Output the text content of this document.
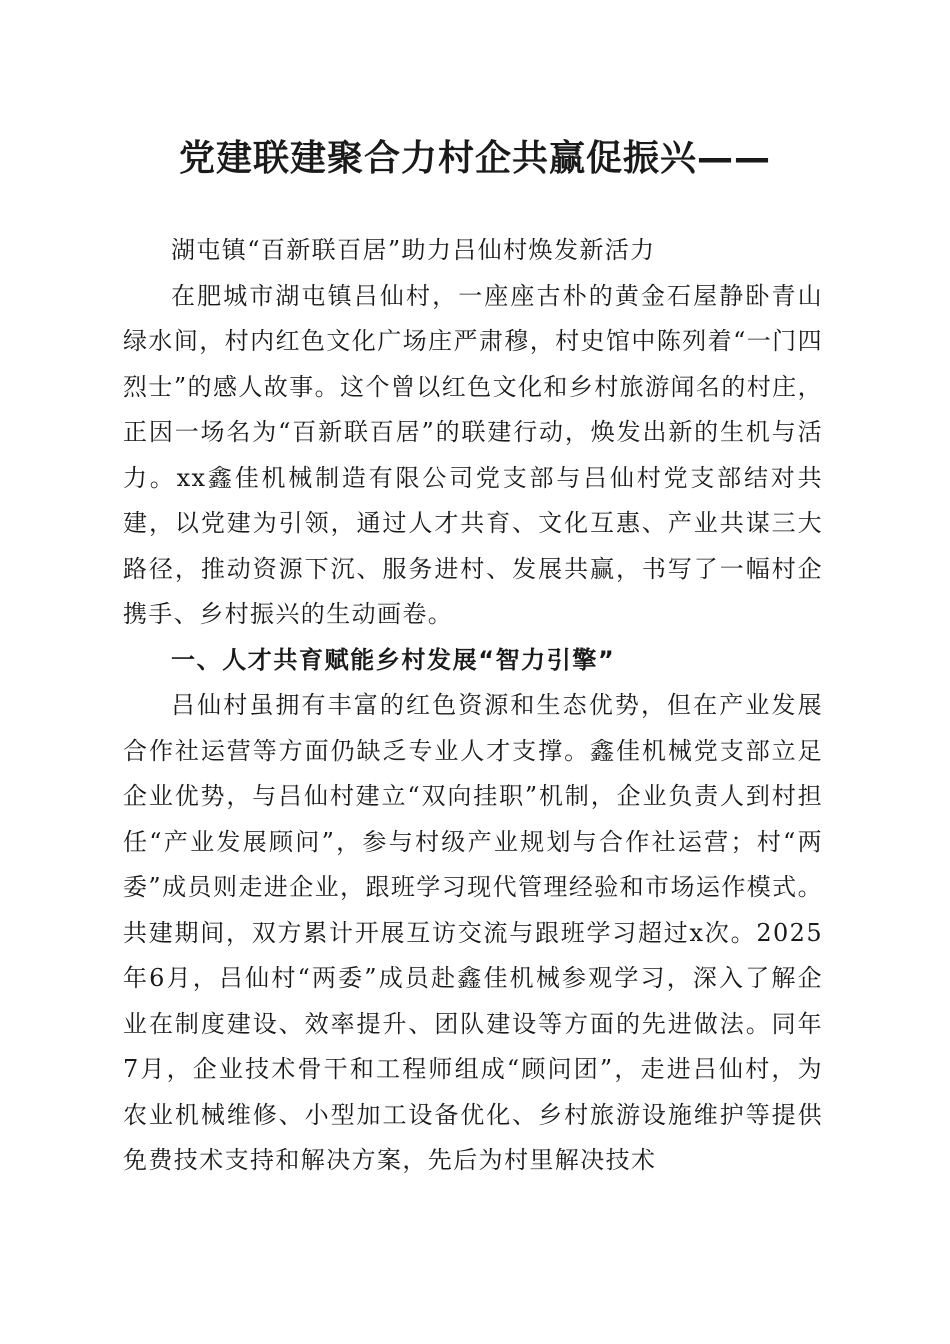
党建联建聚合力村企共赢促振兴——

湖屯镇“百新联百居”助力吕仙村焕发新活力

在肥城市湖屯镇吕仙村，一座座古朴的黄金石屋静卧青山绿水间，村内红色文化广场庄严肃穆，村史馆中陈列着“一门四烈士”的感人故事。这个曾以红色文化和乡村旅游闻名的村庄，正因一场名为“百新联百居”的联建行动，焕发出新的生机与活力。xx鑫佳机械制造有限公司党支部与吕仙村党支部结对共建，以党建为引领，通过人才共育、文化互惠、产业共谋三大路径，推动资源下沉、服务进村、发展共赢，书写了一幅村企携手、乡村振兴的生动画卷。

一、人才共育赋能乡村发展“智力引擎”

吕仙村虽拥有丰富的红色资源和生态优势，但在产业发展合作社运营等方面仍缺乏专业人才支撑。鑫佳机械党支部立足企业优势，与吕仙村建立“双向挂职”机制，企业负责人到村担任“产业发展顾问”，参与村级产业规划与合作社运营；村“两委”成员则走进企业，跟班学习现代管理经验和市场运作模式。共建期间，双方累计开展互访交流与跟班学习超过x次。2025年6月，吕仙村“两委”成员赴鑫佳机械参观学习，深入了解企业在制度建设、效率提升、团队建设等方面的先进做法。同年7月，企业技术骨干和工程师组成“顾问团”，走进吕仙村，为农业机械维修、小型加工设备优化、乡村旅游设施维护等提供免费技术支持和解决方案，先后为村里解决技术
